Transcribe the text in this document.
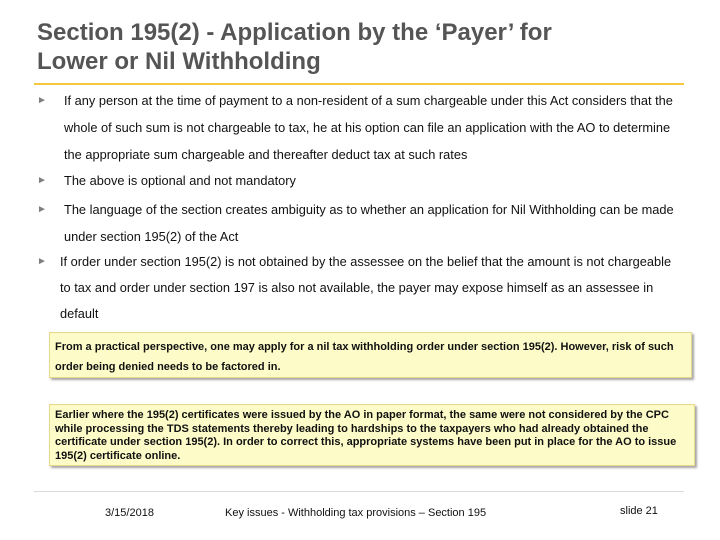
Section 195(2) - Application by the ‘Payer’ for
Lower or Nil Withholding
►	If any person at the time of payment to a non-resident of a sum chargeable under this Act considers that the whole of such sum is not chargeable to tax, he at his option can file an application with the AO to determine the appropriate sum chargeable and thereafter deduct tax at such rates
►	The above is optional and not mandatory
►	The language of the section creates ambiguity as to whether an application for Nil Withholding can be made under section 195(2) of the Act
►	If order under section 195(2) is not obtained by the assessee on the belief that the amount is not chargeable to tax and order under section 197 is also not available, the payer may expose himself as an assessee in default
From a practical perspective, one may apply for a nil tax withholding order under section 195(2). However, risk of such order being denied needs to be factored in.
Earlier where the 195(2) certificates were issued by the AO in paper format, the same were not considered by the CPC while processing the TDS statements thereby leading to hardships to the taxpayers who had already obtained the certificate under section 195(2). In order to correct this, appropriate systems have been put in place for the AO to issue 195(2) certificate online.
3/15/2018	Key issues - Withholding tax provisions – Section 195	slide 21
